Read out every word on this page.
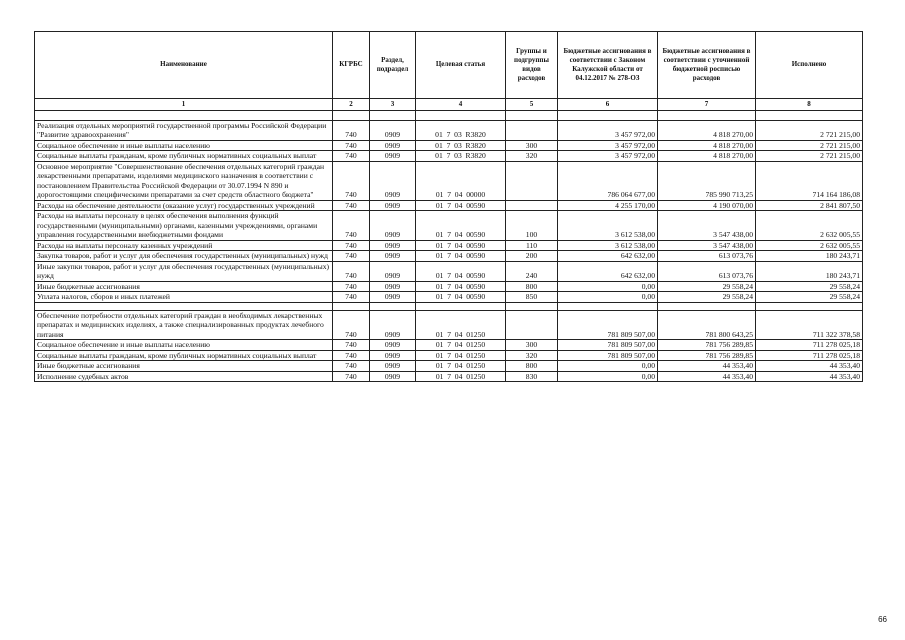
Наименование	КГРБС	Раздел, подраздел	Целевая статья	Группы и подгруппы видов расходов	Бюджетные ассигнования в соответствии с Законом Калужской области от 04.12.2017 № 278-ОЗ	Бюджетные ассигнования в соответствии с уточненной бюджетной росписью расходов	Исполнено
1	2	3	4	5	6	7	8

Реализация отдельных мероприятий государственной программы Российской Федерации "Развитие здравоохранения"	740	0909	01  7  03  R3820		3 457 972,00	4 818 270,00	2 721 215,00
Социальное обеспечение и иные выплаты населению	740	0909	01  7  03  R3820	300	3 457 972,00	4 818 270,00	2 721 215,00
Социальные выплаты гражданам, кроме публичных нормативных социальных выплат	740	0909	01  7  03  R3820	320	3 457 972,00	4 818 270,00	2 721 215,00
Основное мероприятие "Совершенствование обеспечения отдельных категорий граждан лекарственными препаратами, изделиями медицинского назначения в соответствии с постановлением Правительства Российской Федерации от 30.07.1994 N 890 и дорогостоящими специфическими препаратами за счет средств областного бюджета"	740	0909	01  7  04  00000		786 064 677,00	785 990 713,25	714 164 186,08
Расходы на обеспечение деятельности (оказание услуг) государственных учреждений	740	0909	01  7  04  00590		4 255 170,00	4 190 070,00	2 841 807,50
Расходы на выплаты персоналу в целях обеспечения выполнения функций государственными (муниципальными) органами, казенными учреждениями, органами управления государственными внебюджетными фондами	740	0909	01  7  04  00590	100	3 612 538,00	3 547 438,00	2 632 005,55
Расходы на выплаты персоналу казенных учреждений	740	0909	01  7  04  00590	110	3 612 538,00	3 547 438,00	2 632 005,55
Закупка товаров, работ и услуг для обеспечения государственных (муниципальных) нужд	740	0909	01  7  04  00590	200	642 632,00	613 073,76	180 243,71
Иные закупки товаров, работ и услуг для обеспечения государственных (муниципальных) нужд	740	0909	01  7  04  00590	240	642 632,00	613 073,76	180 243,71
Иные бюджетные ассигнования	740	0909	01  7  04  00590	800	0,00	29 558,24	29 558,24
Уплата налогов, сборов и иных платежей	740	0909	01  7  04  00590	850	0,00	29 558,24	29 558,24

Обеспечение потребности отдельных категорий граждан в необходимых лекарственных препаратах и медицинских изделиях, а также специализированных продуктах лечебного питания	740	0909	01  7  04  01250		781 809 507,00	781 800 643,25	711 322 378,58
Социальное обеспечение и иные выплаты населению	740	0909	01  7  04  01250	300	781 809 507,00	781 756 289,85	711 278 025,18
Социальные выплаты гражданам, кроме публичных нормативных социальных выплат	740	0909	01  7  04  01250	320	781 809 507,00	781 756 289,85	711 278 025,18
Иные бюджетные ассигнования	740	0909	01  7  04  01250	800	0,00	44 353,40	44 353,40
Исполнение судебных актов	740	0909	01  7  04  01250	830	0,00	44 353,40	44 353,40
66
